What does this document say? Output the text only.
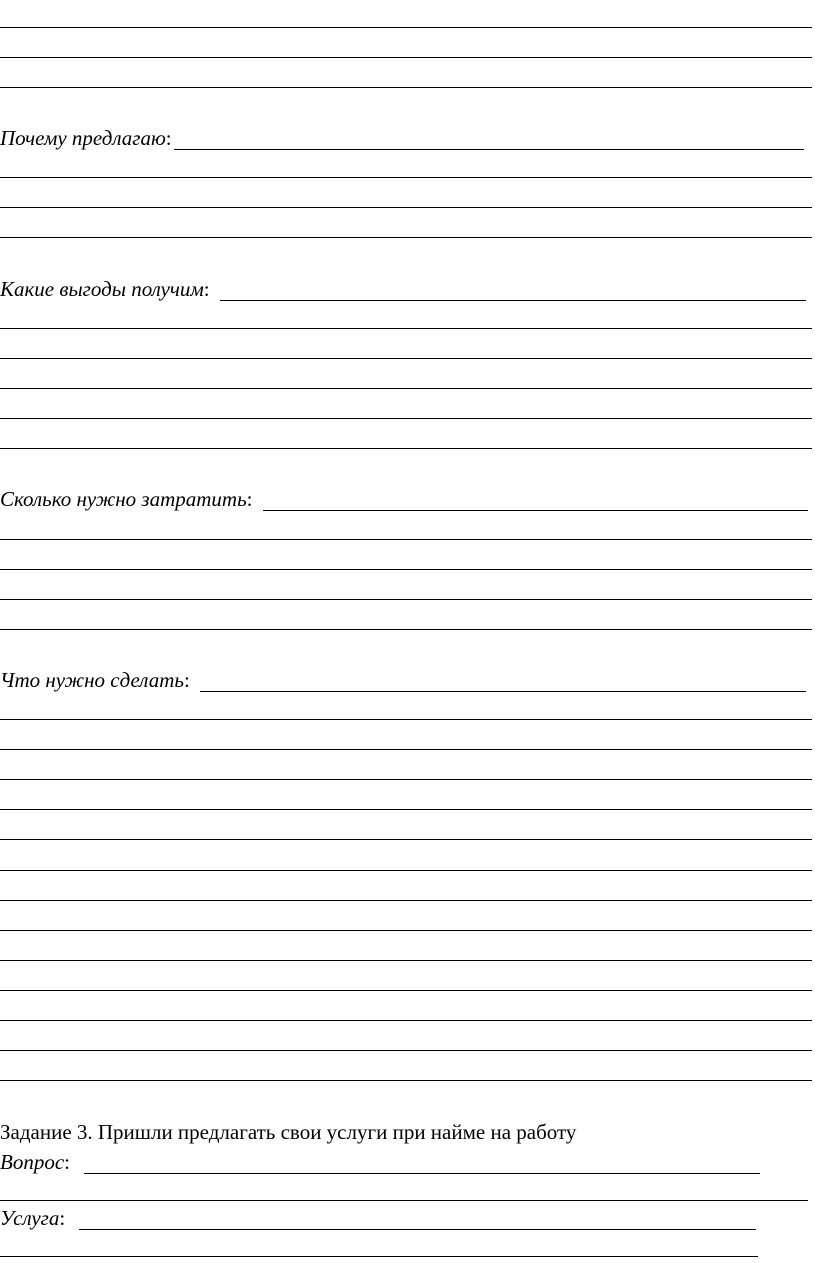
Почему предлагаю :
Какие выгоды получим :
Сколько нужно затратить :
Что нужно сделать :
Задание 3. Пришли предлагать свои услуги при найме на работу
Вопрос :
Услуга :
